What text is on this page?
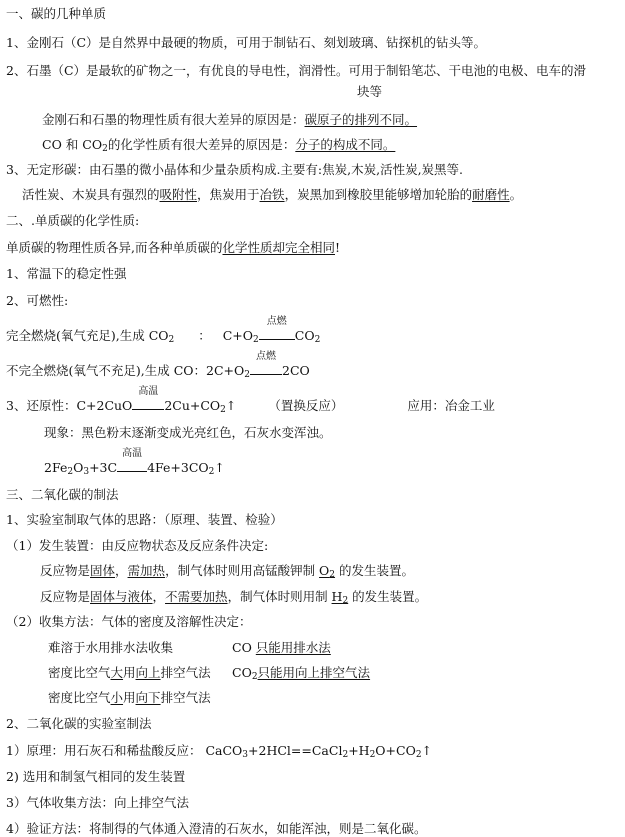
一、碳的几种单质
1、金刚石（C）是自然界中最硬的物质，可用于制钻石、刻划玻璃、钻探机的钻头等。
2、石墨（C）是最软的矿物之一，有优良的导电性，润滑性。可用于制铅笔芯、干电池的电极、电车的滑
块等
金刚石和石墨的物理性质有很大差异的原因是：碳原子的排列不同。
CO 和 $CO_2$的化学性质有很大差异的原因是：分子的构成不同。
3、无定形碳：由石墨的微小晶体和少量杂质构成.主要有:焦炭,木炭,活性炭,炭黑等.
活性炭、木炭具有强烈的吸附性，焦炭用于冶铁，炭黑加到橡胶里能够增加轮胎的耐磨性。
二、.单质碳的化学性质:
单质碳的物理性质各异,而各种单质碳的化学性质却完全相同!
1、常温下的稳定性强
2、可燃性:
完全燃烧(氧气充足),生成 $CO_2$ ： $C+O_2$
点燃
$CO_2$
不完全燃烧(氧气不充足),生成 CO：$2C+O_2$
点燃
2CO
3、还原性：C+2CuO
高温
$2Cu+CO_2↑$	（置换反应）	应用：冶金工业
现象：黑色粉末逐渐变成光亮红色，石灰水变浑浊。
$2Fe_2O_3+3C$
高温
$4Fe+3CO_2↑$
三、二氧化碳的制法
1、实验室制取气体的思路：（原理、装置、检验）
（1）发生装置：由反应物状态及反应条件决定:
反应物是固体，需加热，制气体时则用高锰酸钾制 $O_2$ 的发生装置。
反应物是固体与液体，不需要加热，制气体时则用制 $H_2$ 的发生装置。
（2）收集方法：气体的密度及溶解性决定：
难溶于水用排水法收集	CO 只能用排水法
密度比空气大用向上排空气法	$CO_2$只能用向上排空气法
密度比空气小用向下排空气法
2、二氧化碳的实验室制法
1）原理：用石灰石和稀盐酸反应： $CaCO_3+2HCl==CaCl_2+H_2O+CO_2↑$
2) 选用和制氢气相同的发生装置
3）气体收集方法：向上排空气法
4）验证方法：将制得的气体通入澄清的石灰水，如能浑浊，则是二氧化碳。
